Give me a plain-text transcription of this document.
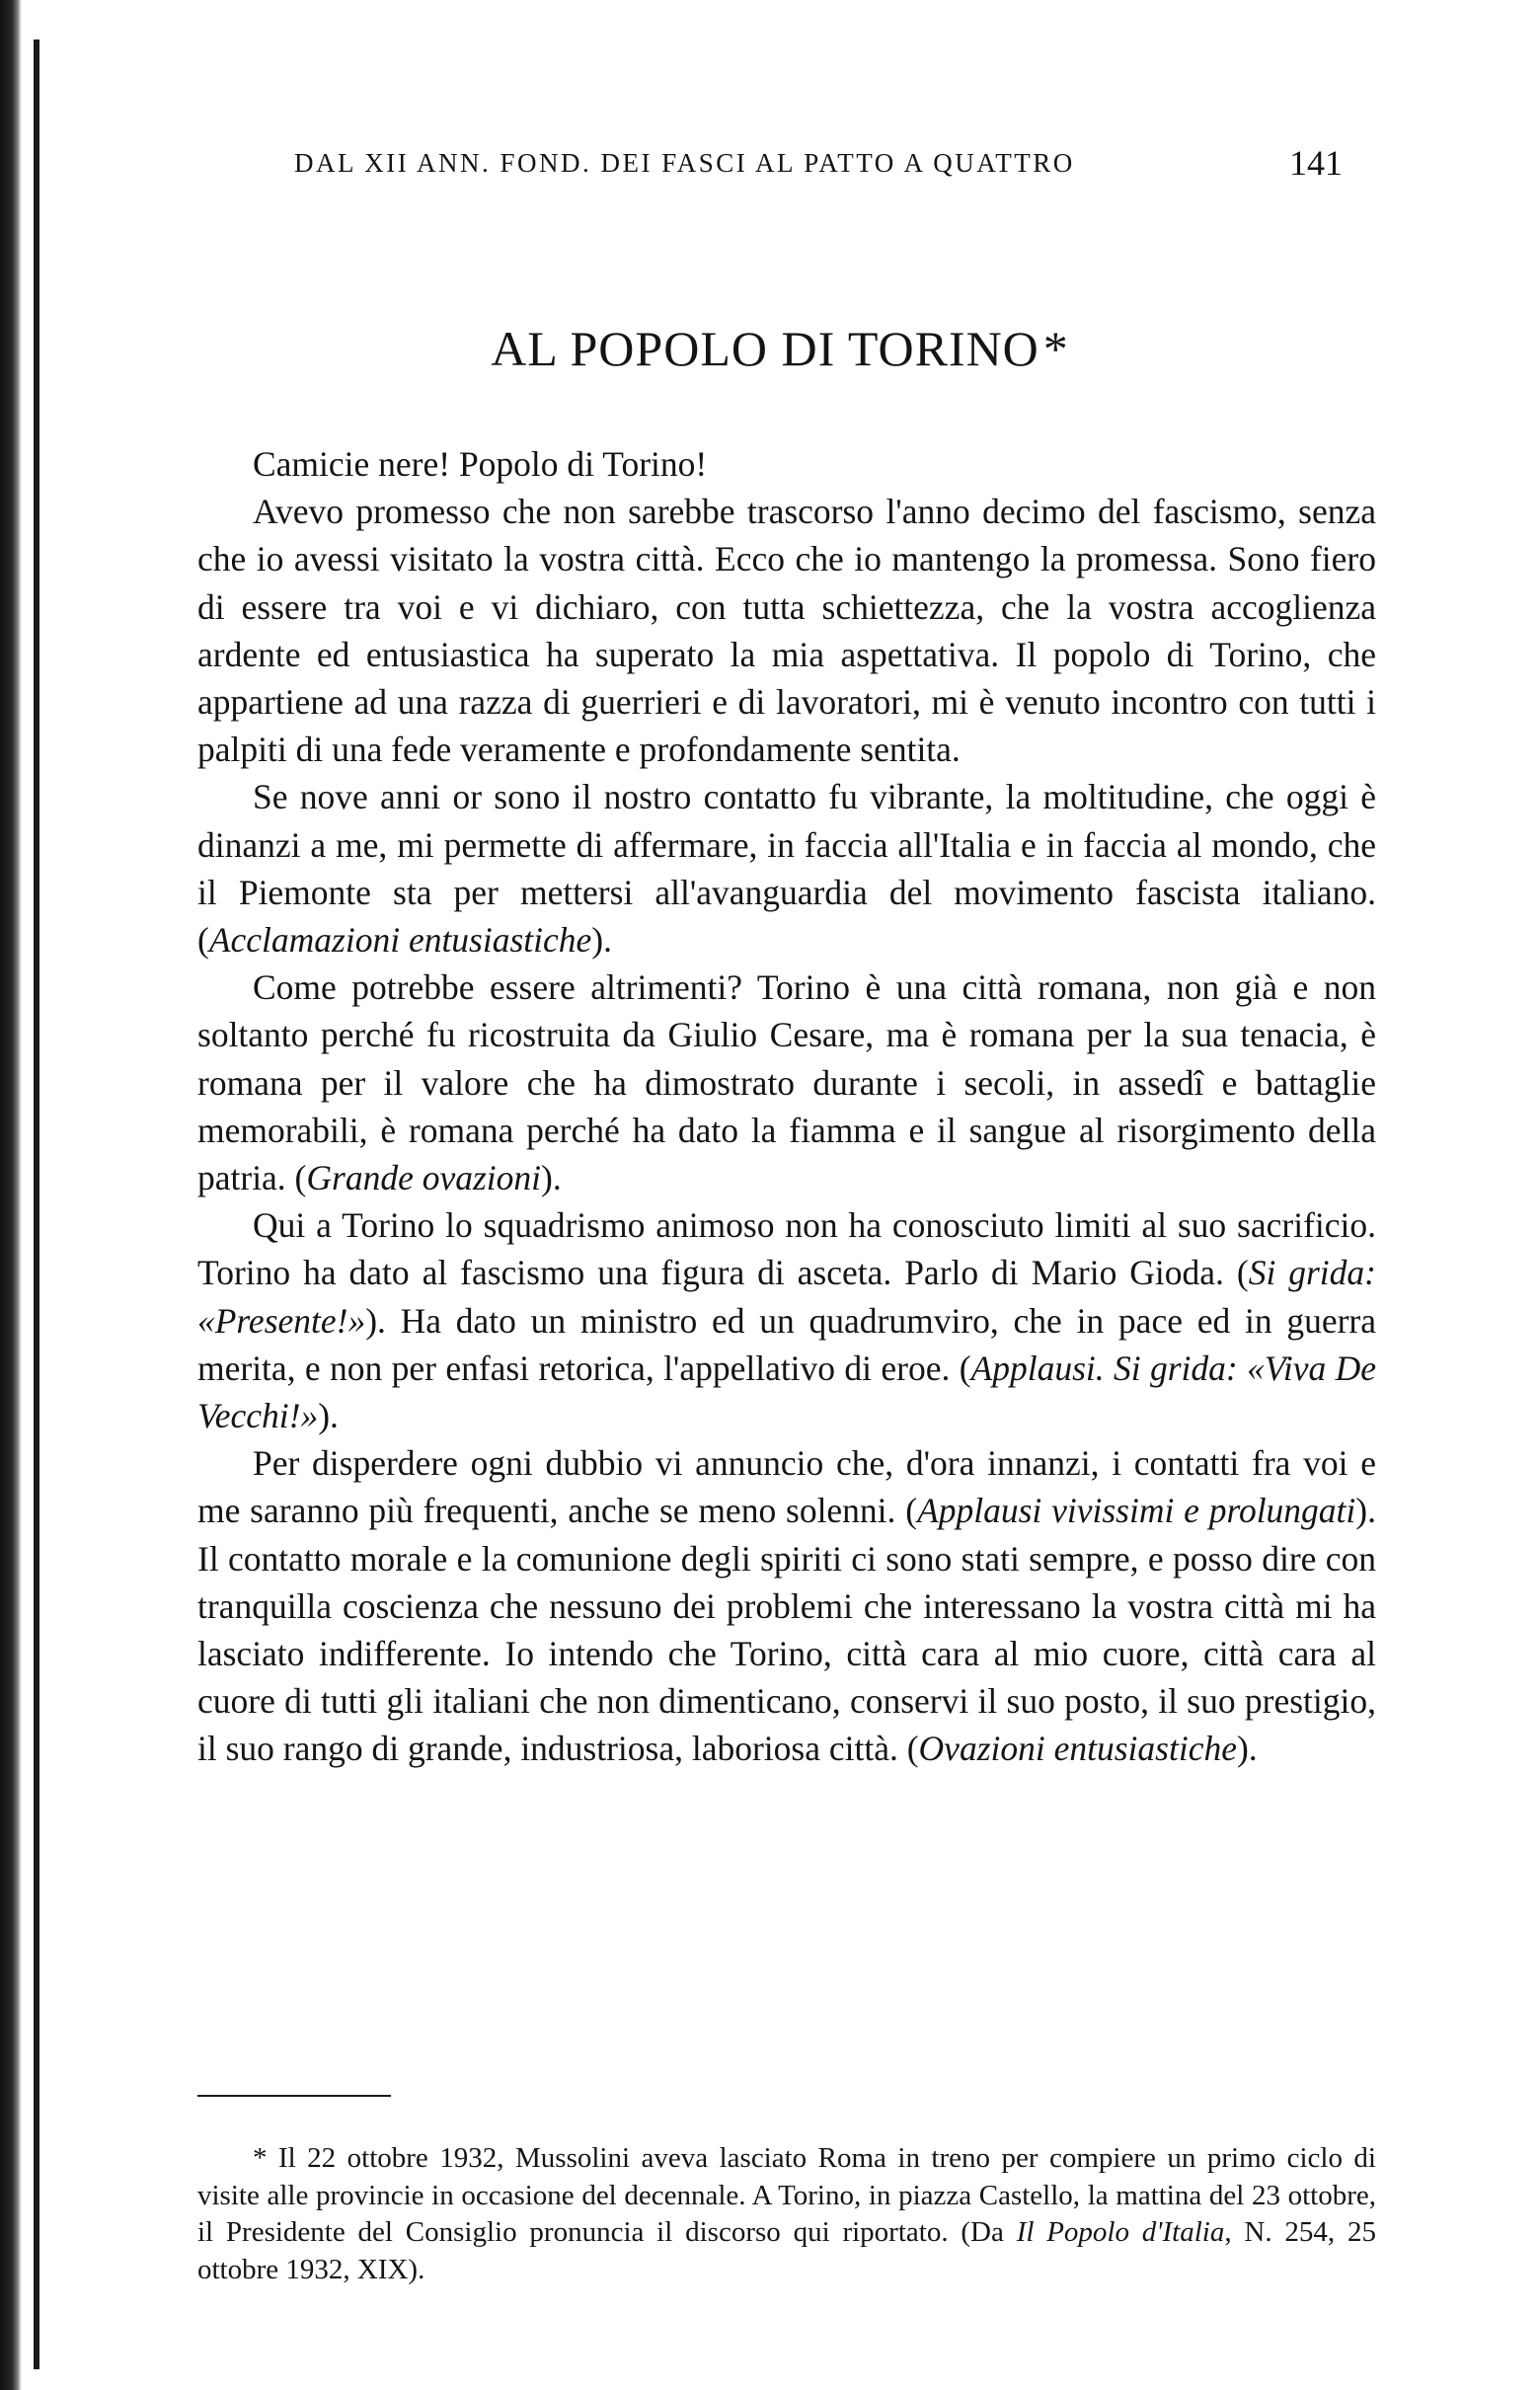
DAL XII ANN. FOND. DEI FASCI AL PATTO A QUATTRO	141
AL POPOLO DI TORINO*

Camicie nere! Popolo di Torino!

Avevo promesso che non sarebbe trascorso l'anno decimo del fascismo, senza che io avessi visitato la vostra città. Ecco che io mantengo la promessa. Sono fiero di essere tra voi e vi dichiaro, con tutta schiettezza, che la vostra accoglienza ardente ed entusiastica ha superato la mia aspettativa. Il popolo di Torino, che appartiene ad una razza di guerrieri e di lavoratori, mi è venuto incontro con tutti i palpiti di una fede veramente e profondamente sentita.

Se nove anni or sono il nostro contatto fu vibrante, la moltitudine, che oggi è dinanzi a me, mi permette di affermare, in faccia all'Italia e in faccia al mondo, che il Piemonte sta per mettersi all'avanguardia del movimento fascista italiano. (Acclamazioni entusiastiche).

Come potrebbe essere altrimenti? Torino è una città romana, non già e non soltanto perché fu ricostruita da Giulio Cesare, ma è romana per la sua tenacia, è romana per il valore che ha dimostrato durante i secoli, in assedî e battaglie memorabili, è romana perché ha dato la fiamma e il sangue al risorgimento della patria. (Grande ovazioni).

Qui a Torino lo squadrismo animoso non ha conosciuto limiti al suo sacrificio. Torino ha dato al fascismo una figura di asceta. Parlo di Mario Gioda. (Si grida: «Presente!»). Ha dato un ministro ed un quadrumviro, che in pace ed in guerra merita, e non per enfasi retorica, l'appellativo di eroe. (Applausi. Si grida: «Viva De Vecchi!»).

Per disperdere ogni dubbio vi annuncio che, d'ora innanzi, i contatti fra voi e me saranno più frequenti, anche se meno solenni. (Applausi vivissimi e prolungati). Il contatto morale e la comunione degli spiriti ci sono stati sempre, e posso dire con tranquilla coscienza che nessuno dei problemi che interessano la vostra città mi ha lasciato indifferente. Io intendo che Torino, città cara al mio cuore, città cara al cuore di tutti gli italiani che non dimenticano, conservi il suo posto, il suo prestigio, il suo rango di grande, industriosa, laboriosa città. (Ovazioni entusiastiche).

* Il 22 ottobre 1932, Mussolini aveva lasciato Roma in treno per compiere un primo ciclo di visite alle provincie in occasione del decennale. A Torino, in piazza Castello, la mattina del 23 ottobre, il Presidente del Consiglio pronuncia il discorso qui riportato. (Da Il Popolo d'Italia, N. 254, 25 ottobre 1932, XIX).
